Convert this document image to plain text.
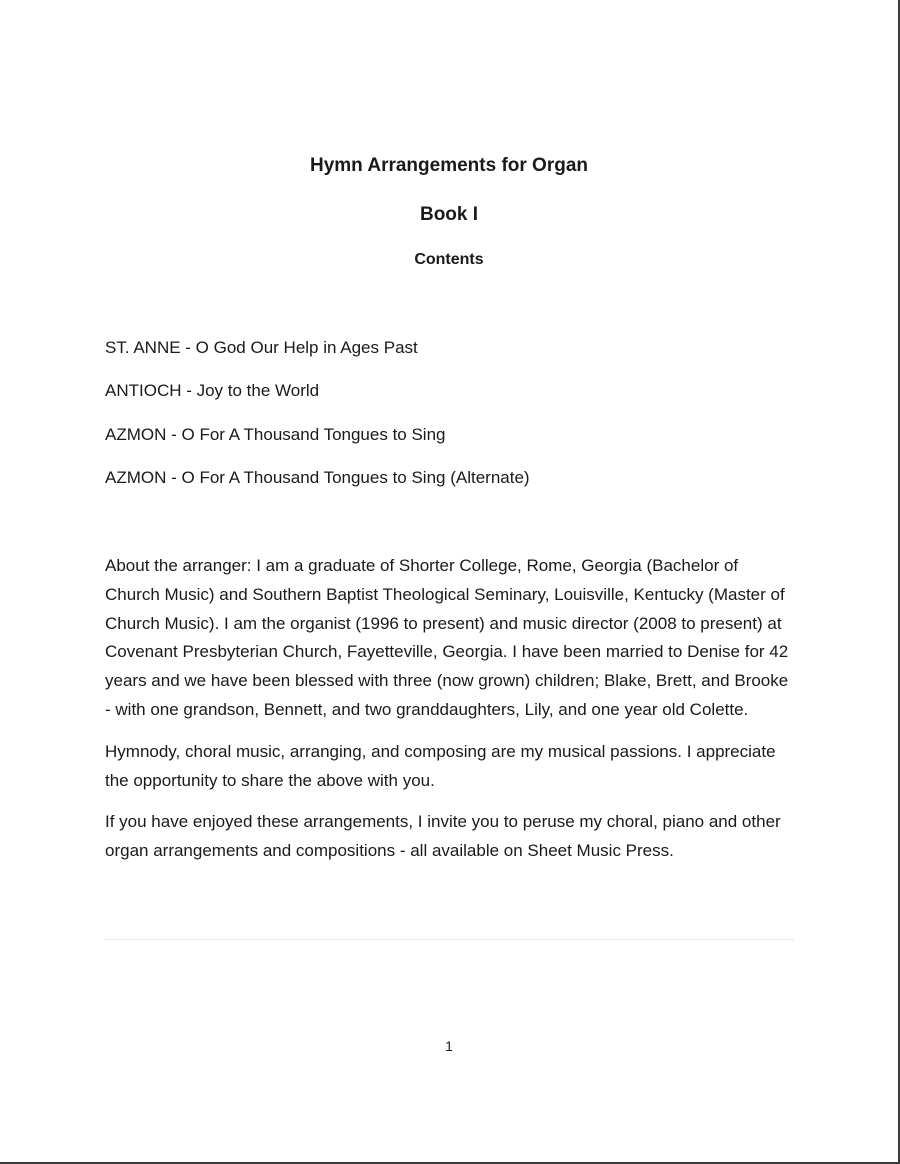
Hymn Arrangements for Organ
Book I
Contents
ST. ANNE - O God Our Help in Ages Past
ANTIOCH - Joy to the World
AZMON - O For A Thousand Tongues to Sing
AZMON - O For A Thousand Tongues to Sing (Alternate)

About the arranger: I am a graduate of Shorter College, Rome, Georgia (Bachelor of Church Music) and Southern Baptist Theological Seminary, Louisville, Kentucky (Master of Church Music). I am the organist (1996 to present) and music director (2008 to present) at Covenant Presbyterian Church, Fayetteville, Georgia. I have been married to Denise for 42 years and we have been blessed with three (now grown) children; Blake, Brett, and Brooke - with one grandson, Bennett, and two granddaughters, Lily, and one year old Colette.

Hymnody, choral music, arranging, and composing are my musical passions. I appreciate the opportunity to share the above with you.

If you have enjoyed these arrangements, I invite you to peruse my choral, piano and other organ arrangements and compositions - all available on Sheet Music Press.

1
